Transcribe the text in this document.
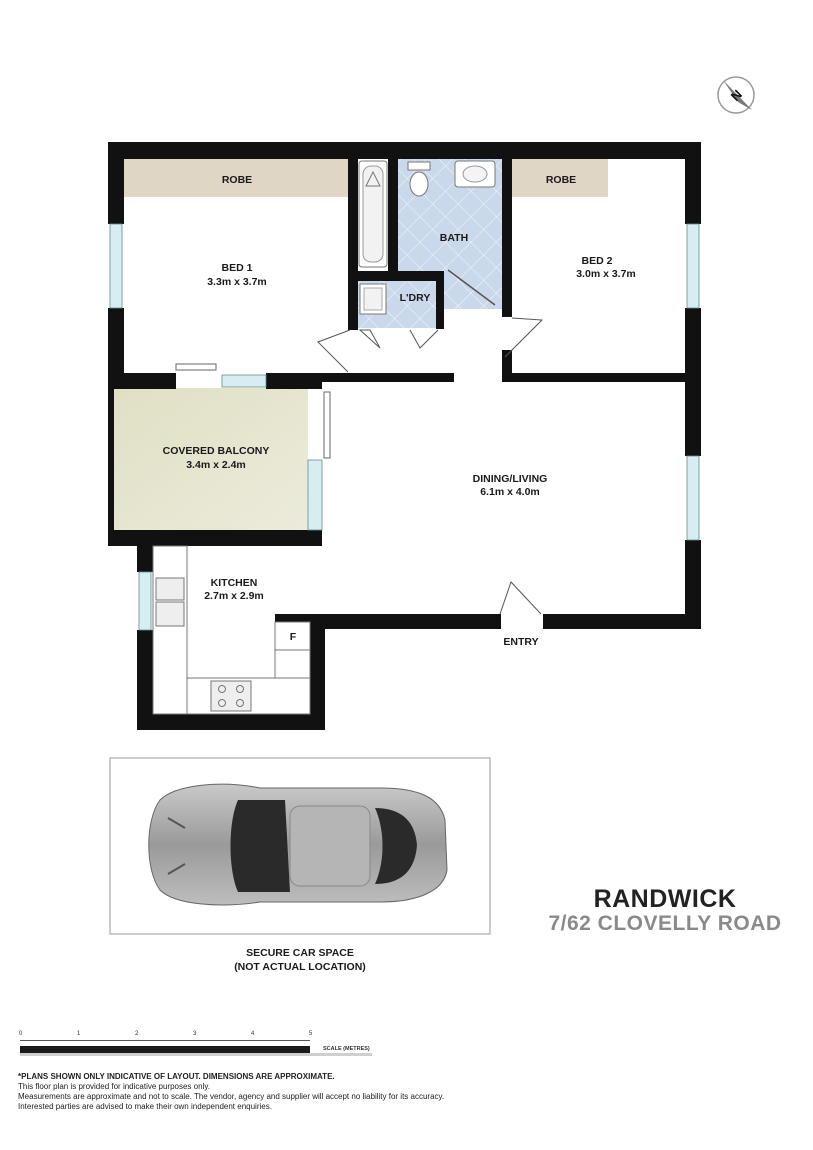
N
ROBE	ROBE
BED 1
3.3m x 3.7m
BATH
L'DRY
BED 2
3.0m x 3.7m
COVERED BALCONY
3.4m x 2.4m
DINING/LIVING
6.1m x 4.0m
KITCHEN
2.7m x 2.9m
F	ENTRY
RANDWICK
7/62 CLOVELLY ROAD
SECURE CAR SPACE
(NOT ACTUAL LOCATION)
0	1	2	3	4	5
SCALE (METRES)
*PLANS SHOWN ONLY INDICATIVE OF LAYOUT. DIMENSIONS ARE APPROXIMATE.
This floor plan is provided for indicative purposes only.
Measurements are approximate and not to scale. The vendor, agency and supplier will accept no liability for its accuracy.
Interested parties are advised to make their own independent enquiries.
